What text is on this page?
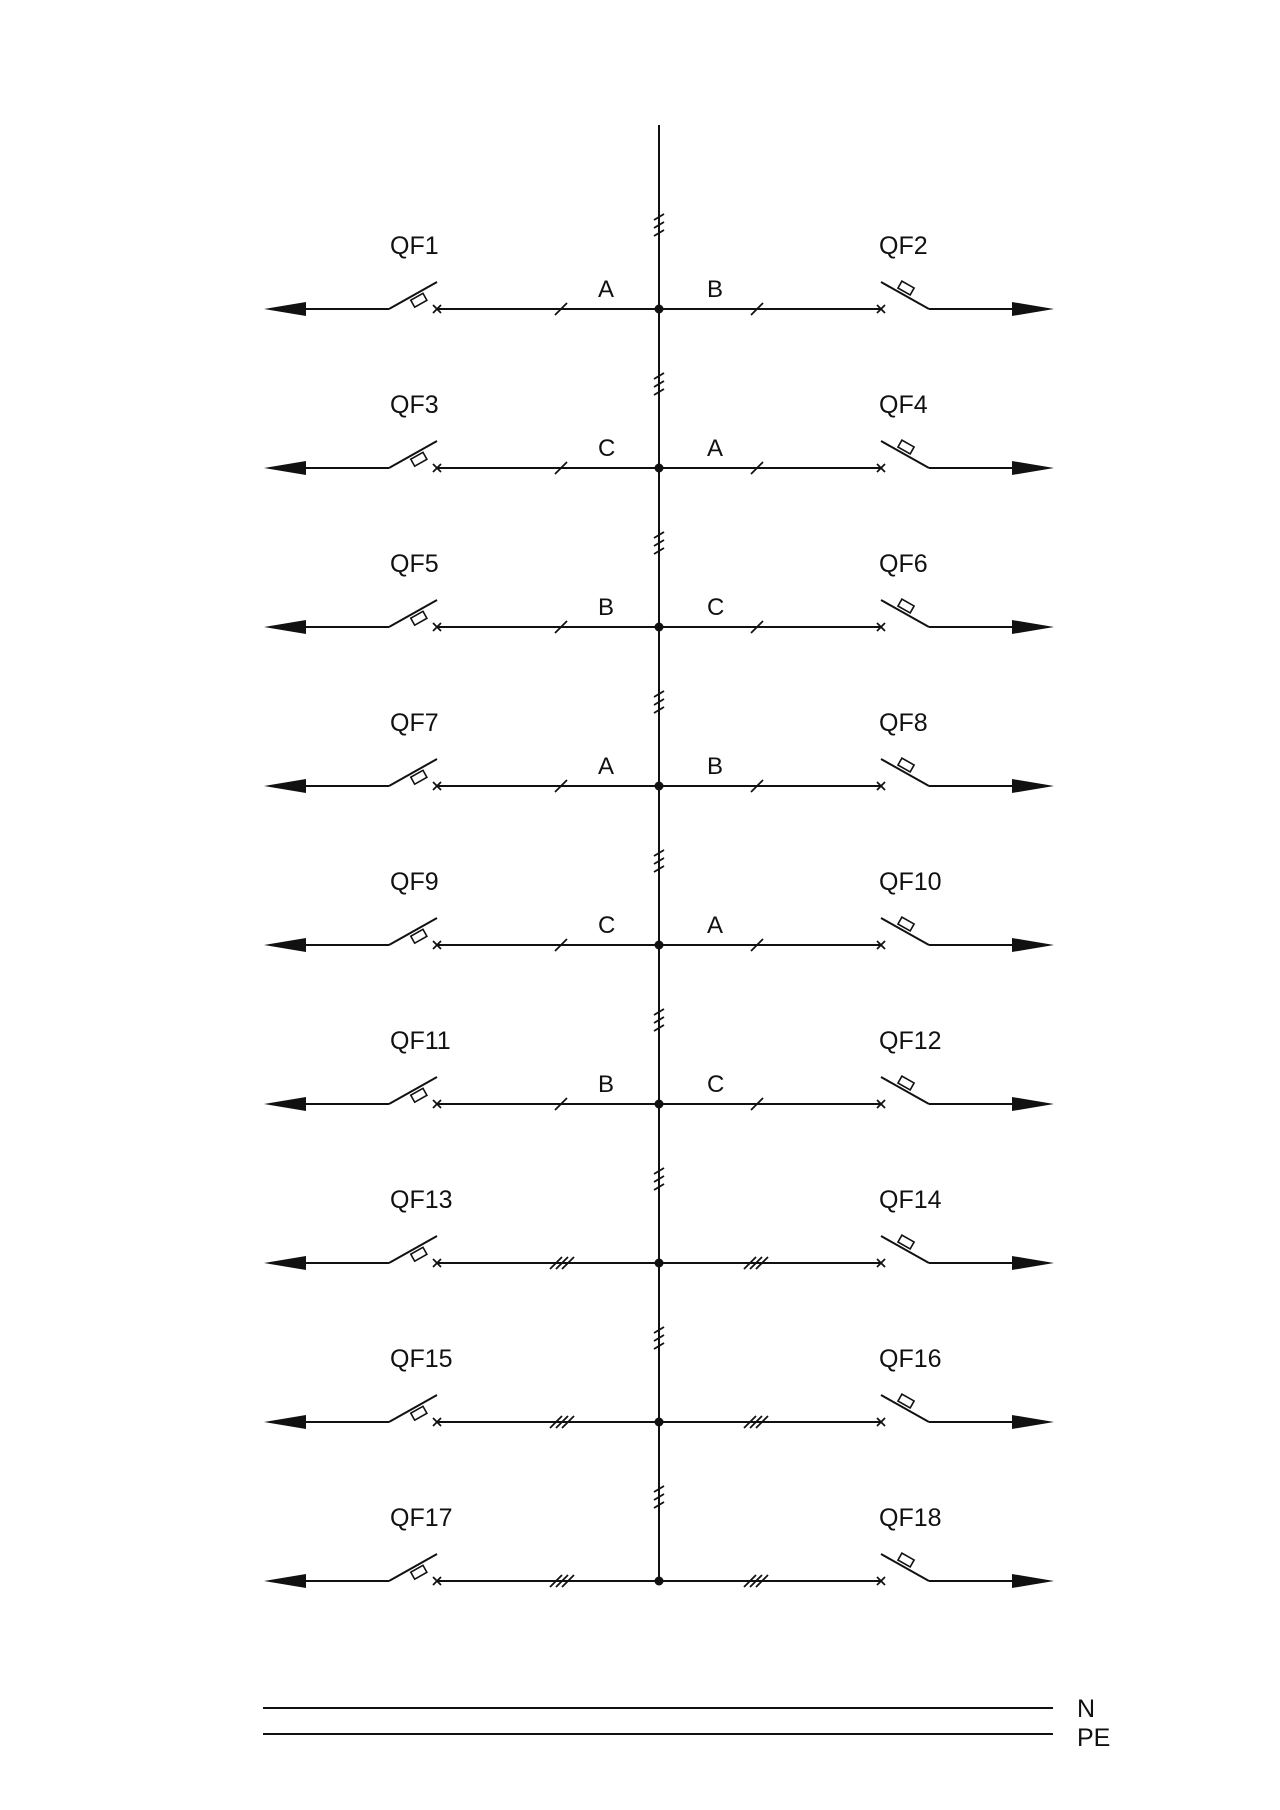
QF1
A
QF2
B
QF3
C
QF4
A
QF5
B
QF6
C
QF7
A
QF8
B
QF9
C
QF10
A
QF11
B
QF12
C
QF13	QF14
QF15	QF16
QF17	QF18
N
PE
